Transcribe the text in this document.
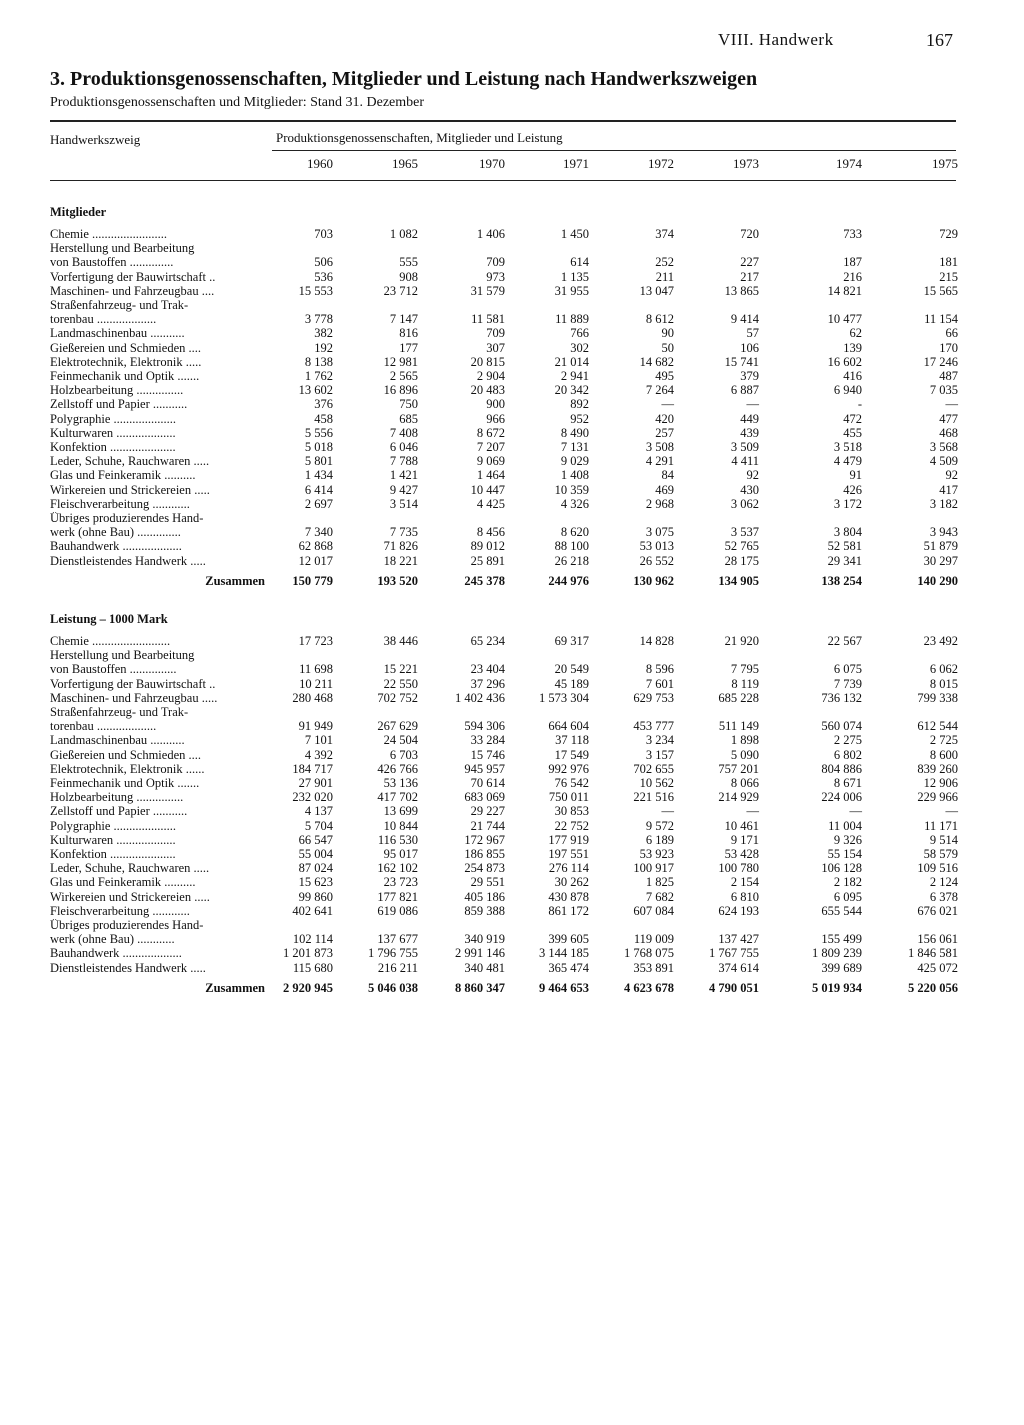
VIII. Handwerk	167
3. Produktionsgenossenschaften, Mitglieder und Leistung nach Handwerkszweigen
Produktionsgenossenschaften und Mitglieder: Stand 31. Dezember
Handwerkszweig	Produktionsgenossenschaften, Mitglieder und Leistung
1960	1965	1970	1971	1972	1973	1974	1975
Mitglieder
Chemie ........................	703	1 082	1 406	1 450	374	720	733	729
Herstellung und Bearbeitung
von Baustoffen ..............	506	555	709	614	252	227	187	181
Vorfertigung der Bauwirtschaft ..	536	908	973	1 135	211	217	216	215
Maschinen- und Fahrzeugbau ....	15 553	23 712	31 579	31 955	13 047	13 865	14 821	15 565
Straßenfahrzeug- und Trak-
torenbau ...................	3 778	7 147	11 581	11 889	8 612	9 414	10 477	11 154
Landmaschinenbau ...........	382	816	709	766	90	57	62	66
Gießereien und Schmieden ....	192	177	307	302	50	106	139	170
Elektrotechnik, Elektronik .....	8 138	12 981	20 815	21 014	14 682	15 741	16 602	17 246
Feinmechanik und Optik .......	1 762	2 565	2 904	2 941	495	379	416	487
Holzbearbeitung ...............	13 602	16 896	20 483	20 342	7 264	6 887	6 940	7 035
Zellstoff und Papier ...........	376	750	900	892	—	—	-	—
Polygraphie ....................	458	685	966	952	420	449	472	477
Kulturwaren ...................	5 556	7 408	8 672	8 490	257	439	455	468
Konfektion .....................	5 018	6 046	7 207	7 131	3 508	3 509	3 518	3 568
Leder, Schuhe, Rauchwaren .....	5 801	7 788	9 069	9 029	4 291	4 411	4 479	4 509
Glas und Feinkeramik ..........	1 434	1 421	1 464	1 408	84	92	91	92
Wirkereien und Strickereien .....	6 414	9 427	10 447	10 359	469	430	426	417
Fleischverarbeitung ............	2 697	3 514	4 425	4 326	2 968	3 062	3 172	3 182
Übriges produzierendes Hand-
werk (ohne Bau) ..............	7 340	7 735	8 456	8 620	3 075	3 537	3 804	3 943
Bauhandwerk ...................	62 868	71 826	89 012	88 100	53 013	52 765	52 581	51 879
Dienstleistendes Handwerk .....	12 017	18 221	25 891	26 218	26 552	28 175	29 341	30 297
Zusammen	150 779	193 520	245 378	244 976	130 962	134 905	138 254	140 290
Leistung – 1000 Mark
Chemie .........................	17 723	38 446	65 234	69 317	14 828	21 920	22 567	23 492
Herstellung und Bearbeitung
von Baustoffen ...............	11 698	15 221	23 404	20 549	8 596	7 795	6 075	6 062
Vorfertigung der Bauwirtschaft ..	10 211	22 550	37 296	45 189	7 601	8 119	7 739	8 015
Maschinen- und Fahrzeugbau .....	280 468	702 752	1 402 436	1 573 304	629 753	685 228	736 132	799 338
Straßenfahrzeug- und Trak-
torenbau ...................	91 949	267 629	594 306	664 604	453 777	511 149	560 074	612 544
Landmaschinenbau ...........	7 101	24 504	33 284	37 118	3 234	1 898	2 275	2 725
Gießereien und Schmieden ....	4 392	6 703	15 746	17 549	3 157	5 090	6 802	8 600
Elektrotechnik, Elektronik ......	184 717	426 766	945 957	992 976	702 655	757 201	804 886	839 260
Feinmechanik und Optik .......	27 901	53 136	70 614	76 542	10 562	8 066	8 671	12 906
Holzbearbeitung ...............	232 020	417 702	683 069	750 011	221 516	214 929	224 006	229 966
Zellstoff und Papier ...........	4 137	13 699	29 227	30 853	—	—	—	—
Polygraphie ....................	5 704	10 844	21 744	22 752	9 572	10 461	11 004	11 171
Kulturwaren ...................	66 547	116 530	172 967	177 919	6 189	9 171	9 326	9 514
Konfektion .....................	55 004	95 017	186 855	197 551	53 923	53 428	55 154	58 579
Leder, Schuhe, Rauchwaren .....	87 024	162 102	254 873	276 114	100 917	100 780	106 128	109 516
Glas und Feinkeramik ..........	15 623	23 723	29 551	30 262	1 825	2 154	2 182	2 124
Wirkereien und Strickereien .....	99 860	177 821	405 186	430 878	7 682	6 810	6 095	6 378
Fleischverarbeitung ............	402 641	619 086	859 388	861 172	607 084	624 193	655 544	676 021
Übriges produzierendes Hand-
werk (ohne Bau) ............	102 114	137 677	340 919	399 605	119 009	137 427	155 499	156 061
Bauhandwerk ...................	1 201 873	1 796 755	2 991 146	3 144 185	1 768 075	1 767 755	1 809 239	1 846 581
Dienstleistendes Handwerk .....	115 680	216 211	340 481	365 474	353 891	374 614	399 689	425 072
Zusammen	2 920 945	5 046 038	8 860 347	9 464 653	4 623 678	4 790 051	5 019 934	5 220 056
